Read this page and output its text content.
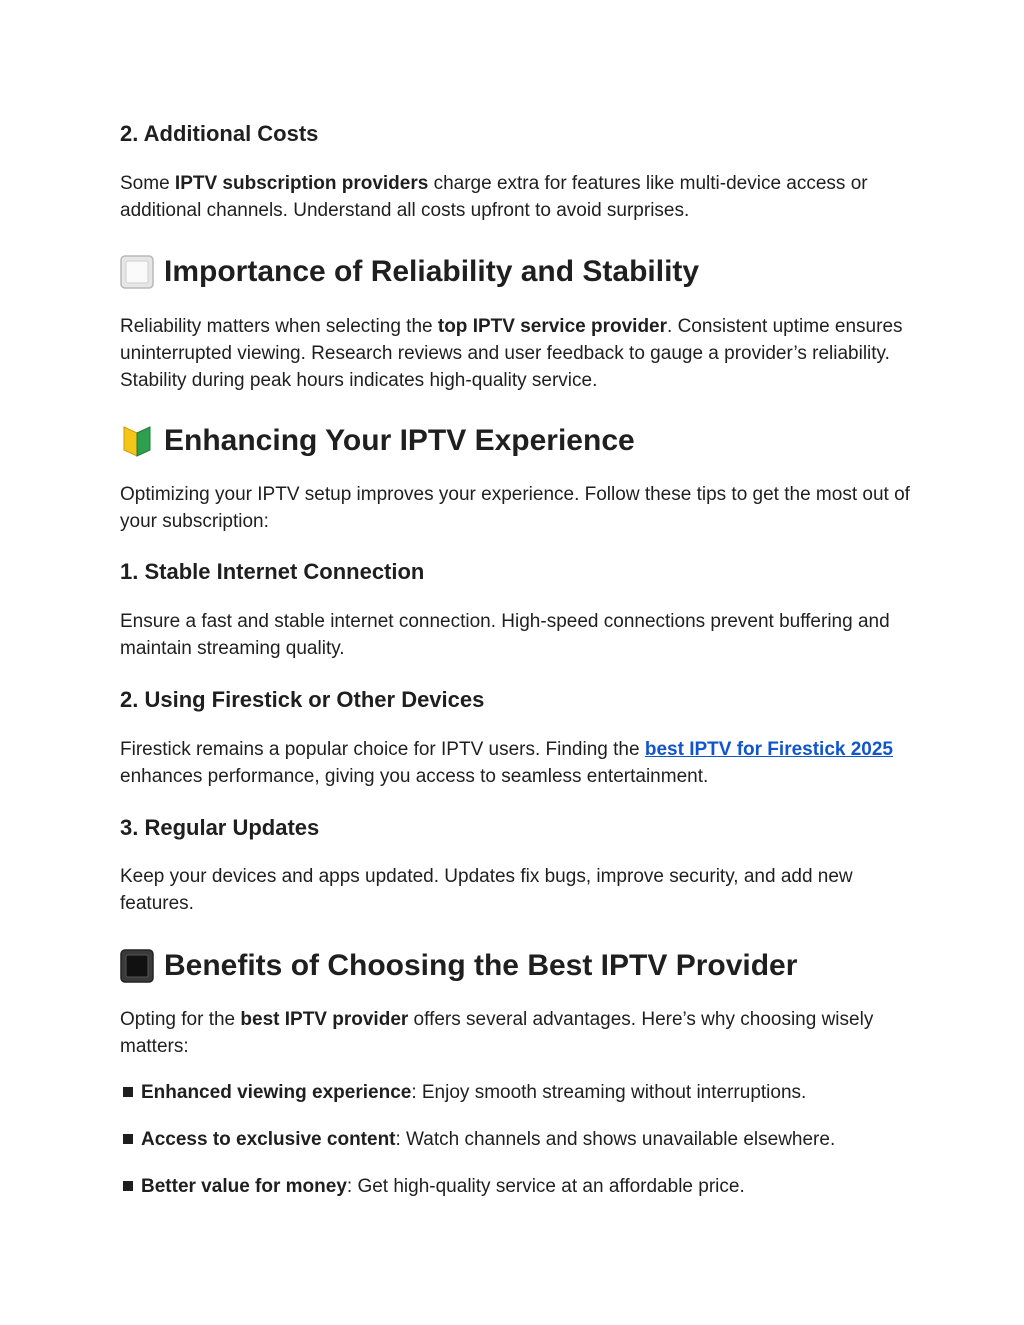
2. Additional Costs

Some IPTV subscription providers charge extra for features like multi-device access or additional channels. Understand all costs upfront to avoid surprises.

Importance of Reliability and Stability

Reliability matters when selecting the top IPTV service provider. Consistent uptime ensures uninterrupted viewing. Research reviews and user feedback to gauge a provider’s reliability. Stability during peak hours indicates high-quality service.

Enhancing Your IPTV Experience

Optimizing your IPTV setup improves your experience. Follow these tips to get the most out of your subscription:

1. Stable Internet Connection

Ensure a fast and stable internet connection. High-speed connections prevent buffering and maintain streaming quality.

2. Using Firestick or Other Devices

Firestick remains a popular choice for IPTV users. Finding the best IPTV for Firestick 2025 enhances performance, giving you access to seamless entertainment.

3. Regular Updates

Keep your devices and apps updated. Updates fix bugs, improve security, and add new features.

Benefits of Choosing the Best IPTV Provider

Opting for the best IPTV provider offers several advantages. Here’s why choosing wisely matters:

Enhanced viewing experience: Enjoy smooth streaming without interruptions.

Access to exclusive content: Watch channels and shows unavailable elsewhere.

Better value for money: Get high-quality service at an affordable price.
